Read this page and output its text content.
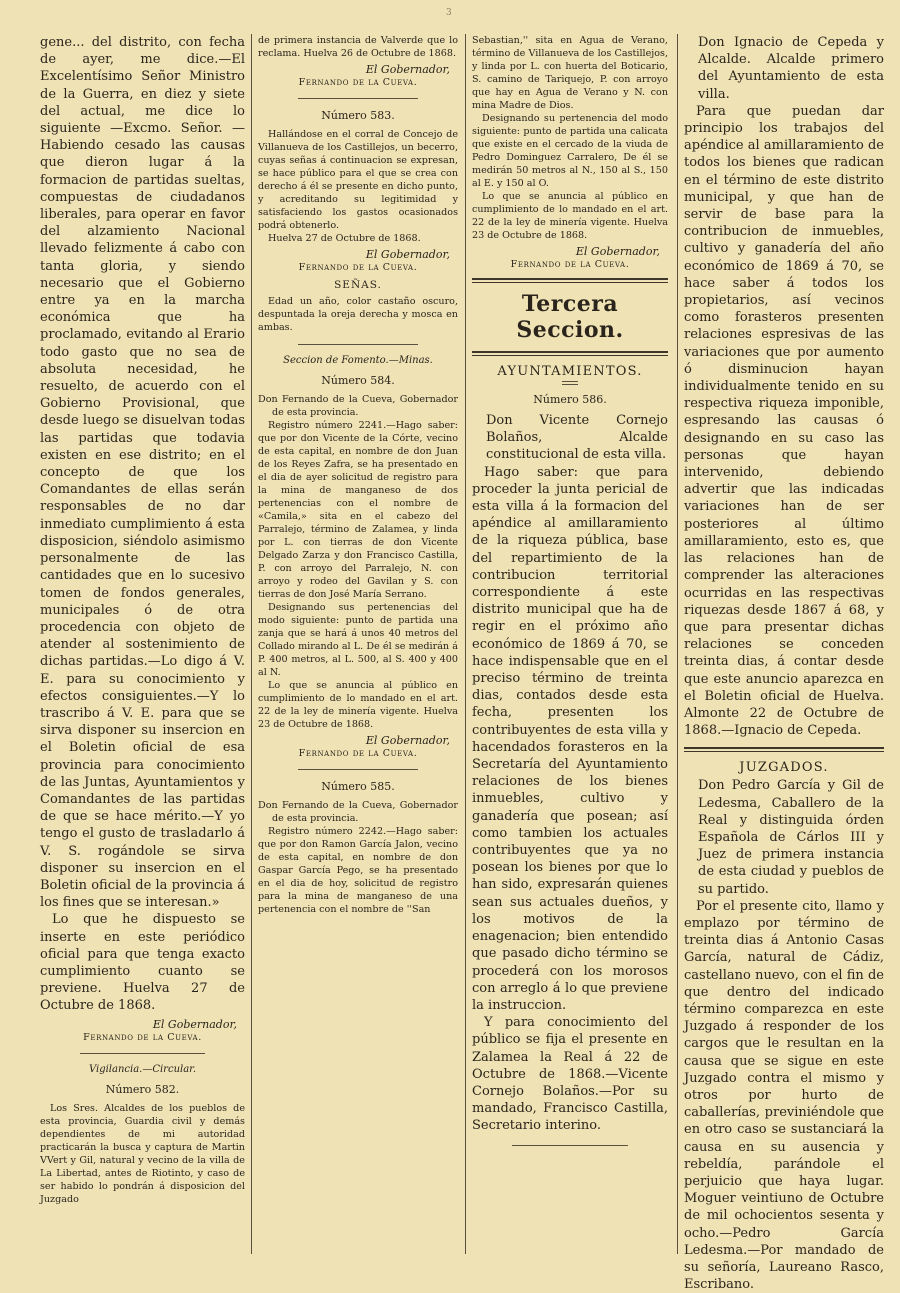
3

gene... del distrito, con fecha de ayer, me dice.—El Excelentísimo Señor Ministro de la Guerra, en diez y siete del actual, me dice lo siguiente —Excmo. Señor. —Habiendo cesado las causas que dieron lugar á la formacion de partidas sueltas, compuestas de ciudadanos liberales, para operar en favor del alzamiento Nacional llevado felizmente á cabo con tanta gloria, y siendo necesario que el Gobierno entre ya en la marcha económica que ha proclamado, evitando al Erario todo gasto que no sea de absoluta necesidad, he resuelto, de acuerdo con el Gobierno Provisional, que desde luego se disuelvan todas las partidas que todavia existen en ese distrito; en el concepto de que los Comandantes de ellas serán responsables de no dar inmediato cumplimiento á esta disposicion, siéndolo asimismo personalmente de las cantidades que en lo sucesivo tomen de fondos generales, municipales ó de otra procedencia con objeto de atender al sostenimiento de dichas partidas.—Lo digo á V. E. para su conocimiento y efectos consiguientes.—Y lo trascribo á V. E. para que se sirva disponer su insercion en el Boletin oficial de esa provincia para conocimiento de las Juntas, Ayuntamientos y Comandantes de las partidas de que se hace mérito.—Y yo tengo el gusto de trasladarlo á V. S. rogándole se sirva disponer su insercion en el Boletin oficial de la provincia á los fines que se interesan.»

Lo que he dispuesto se inserte en este periódico oficial para que tenga exacto cumplimiento cuanto se previene. Huelva 27 de Octubre de 1868.

El Gobernador,

Fernando de la Cueva.

Vigilancia.—Circular.

Número 582.

Los Sres. Alcaldes de los pueblos de esta provincia, Guardia civil y demás dependientes de mi autoridad practicarán la busca y captura de Martin VVert y Gil, natural y vecino de la villa de La Libertad, antes de Riotinto, y caso de ser habido lo pondrán á disposicion del Juzgado

de primera instancia de Valverde que lo reclama. Huelva 26 de Octubre de 1868.

El Gobernador,

Fernando de la Cueva.

Número 583.

Hallándose en el corral de Concejo de Villanueva de los Castillejos, un becerro, cuyas señas á continuacion se expresan, se hace público para el que se crea con derecho á él se presente en dicho punto, y acreditando su legitimidad y satisfaciendo los gastos ocasionados podrá obtenerlo.

Huelva 27 de Octubre de 1868.

El Gobernador,

Fernando de la Cueva.

SEÑAS.

Edad un año, color castaño oscuro, despuntada la oreja derecha y mosca en ambas.

Seccion de Fomento.—Minas.

Número 584.

Don Fernando de la Cueva, Gobernador de esta provincia.

Registro número 2241.—Hago saber: que por don Vicente de la Córte, vecino de esta capital, en nombre de don Juan de los Reyes Zafra, se ha presentado en el dia de ayer solicitud de registro para la mina de manganeso de dos pertenencias con el nombre de «Camila,» sita en el cabezo del Parralejo, término de Zalamea, y linda por L. con tierras de don Vicente Delgado Zarza y don Francisco Castilla, P. con arroyo del Parralejo, N. con arroyo y rodeo del Gavilan y S. con tierras de don José María Serrano.

Designando sus pertenencias del modo siguiente: punto de partida una zanja que se hará á unos 40 metros del Collado mirando al L. De él se medirán á P. 400 metros, al L. 500, al S. 400 y 400 al N.

Lo que se anuncia al público en cumplimiento de lo mandado en el art. 22 de la ley de minería vigente. Huelva 23 de Octubre de 1868.

El Gobernador,

Fernando de la Cueva.

Número 585.

Don Fernando de la Cueva, Gobernador de esta provincia.

Registro número 2242.—Hago saber: que por don Ramon García Jalon, vecino de esta capital, en nombre de don Gaspar García Pego, se ha presentado en el dia de hoy, solicitud de registro para la mina de manganeso de una pertenencia con el nombre de ''San

Sebastian,'' sita en Agua de Verano, término de Villanueva de los Castillejos, y linda por L. con huerta del Boticario, S. camino de Tariquejo, P. con arroyo que hay en Agua de Verano y N. con mina Madre de Dios.

Designando su pertenencia del modo siguiente: punto de partida una calicata que existe en el cercado de la viuda de Pedro Dominguez Carralero, De él se medirán 50 metros al N., 150 al S., 150 al E. y 150 al O.

Lo que se anuncia al público en cumplimiento de lo mandado en el art. 22 de la ley de minería vigente. Huelva 23 de Octubre de 1868.

El Gobernador,

Fernando de la Cueva.

Tercera Seccion.

AYUNTAMIENTOS.

Número 586.

Don Vicente Cornejo Bolaños, Alcalde constitucional de esta villa.

Hago saber: que para proceder la junta pericial de esta villa á la formacion del apéndice al amillaramiento de la riqueza pública, base del repartimiento de la contribucion territorial correspondiente á este distrito municipal que ha de regir en el próximo año económico de 1869 á 70, se hace indispensable que en el preciso término de treinta dias, contados desde esta fecha, presenten los contribuyentes de esta villa y hacendados forasteros en la Secretaría del Ayuntamiento relaciones de los bienes inmuebles, cultivo y ganadería que posean; así como tambien los actuales contribuyentes que ya no posean los bienes por que lo han sido, expresarán quienes sean sus actuales dueños, y los motivos de la enagenacion; bien entendido que pasado dicho término se procederá con los morosos con arreglo á lo que previene la instruccion.

Y para conocimiento del público se fija el presente en Zalamea la Real á 22 de Octubre de 1868.—Vicente Cornejo Bolaños.—Por su mandado, Francisco Castilla, Secretario interino.

Don Ignacio de Cepeda y Alcalde. Alcalde primero del Ayuntamiento de esta villa.

Para que puedan dar principio los trabajos del apéndice al amillaramiento de todos los bienes que radican en el término de este distrito municipal, y que han de servir de base para la contribucion de inmuebles, cultivo y ganadería del año económico de 1869 á 70, se hace saber á todos los propietarios, así vecinos como forasteros presenten relaciones espresivas de las variaciones que por aumento ó disminucion hayan individualmente tenido en su respectiva riqueza imponible, espresando las causas ó designando en su caso las personas que hayan intervenido, debiendo advertir que las indicadas variaciones han de ser posteriores al último amillaramiento, esto es, que las relaciones han de comprender las alteraciones ocurridas en las respectivas riquezas desde 1867 á 68, y que para presentar dichas relaciones se conceden treinta dias, á contar desde que este anuncio aparezca en el Boletin oficial de Huelva. Almonte 22 de Octubre de 1868.—Ignacio de Cepeda.

JUZGADOS.

Don Pedro García y Gil de Ledesma, Caballero de la Real y distinguida órden Española de Cárlos III y Juez de primera instancia de esta ciudad y pueblos de su partido.

Por el presente cito, llamo y emplazo por término de treinta dias á Antonio Casas García, natural de Cádiz, castellano nuevo, con el fin de que dentro del indicado término comparezca en este Juzgado á responder de los cargos que le resultan en la causa que se sigue en este Juzgado contra el mismo y otros por hurto de caballerías, previniéndole que en otro caso se sustanciará la causa en su ausencia y rebeldía, parándole el perjuicio que haya lugar. Moguer veintiuno de Octubre de mil ochocientos sesenta y ocho.—Pedro García Ledesma.—Por mandado de su señoría, Laureano Rasco, Escribano.
